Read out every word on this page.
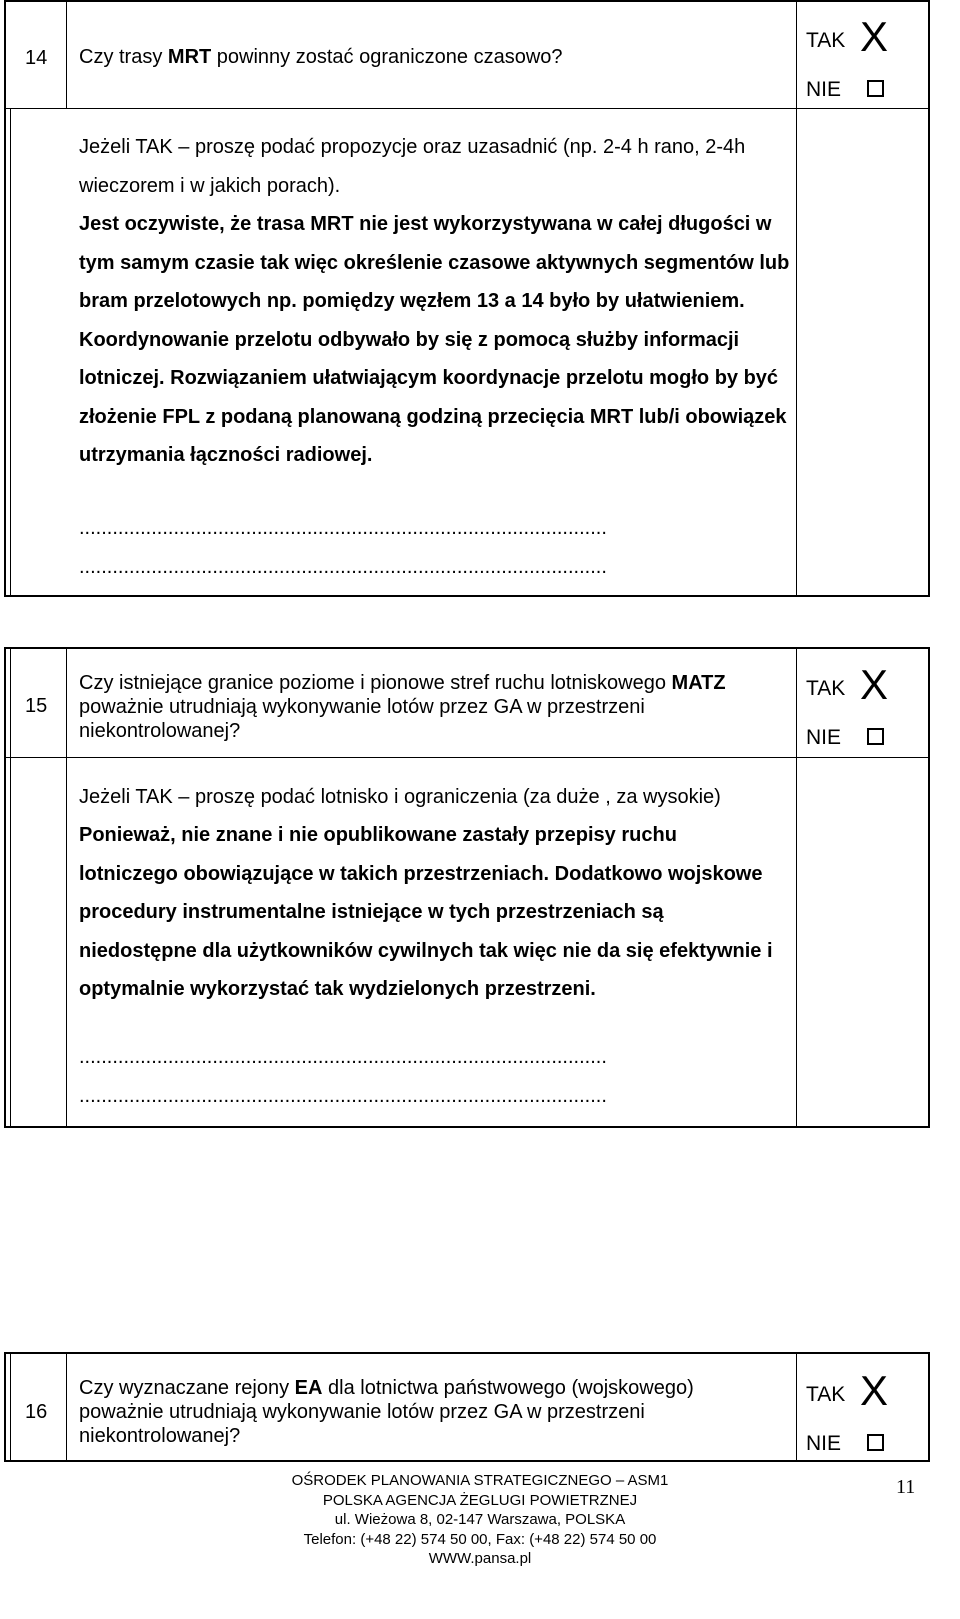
14 Czy trasy MRT powinny zostać ograniczone czasowo?
TAK X
NIE
Jeżeli TAK – proszę podać propozycje oraz uzasadnić (np. 2-4 h rano, 2-4h wieczorem i w jakich porach).
Jest oczywiste, że trasa MRT nie jest wykorzystywana w całej długości w tym samym czasie tak więc określenie czasowe aktywnych segmentów lub bram przelotowych np. pomiędzy węzłem 13 a 14 było by ułatwieniem. Koordynowanie przelotu odbywało by się z pomocą służby informacji lotniczej. Rozwiązaniem ułatwiającym koordynacje przelotu mogło by być złożenie FPL z podaną planowaną godziną przecięcia MRT lub/i obowiązek utrzymania łączności radiowej.
...............................................................................................
...............................................................................................
15
Czy istniejące granice poziome i pionowe stref ruchu lotniskowego MATZ poważnie utrudniają wykonywanie lotów przez GA w przestrzeni niekontrolowanej?
TAK X
NIE
Jeżeli TAK – proszę podać lotnisko i ograniczenia (za duże , za wysokie)
Ponieważ, nie znane i nie opublikowane zastały przepisy ruchu lotniczego obowiązujące w takich przestrzeniach. Dodatkowo wojskowe procedury instrumentalne istniejące w tych przestrzeniach są niedostępne dla użytkowników cywilnych tak więc nie da się efektywnie i optymalnie wykorzystać tak wydzielonych przestrzeni.
...............................................................................................
...............................................................................................
16
Czy wyznaczane rejony EA dla lotnictwa państwowego (wojskowego) poważnie utrudniają wykonywanie lotów przez GA w przestrzeni niekontrolowanej?
TAK X
NIE
OŚRODEK PLANOWANIA STRATEGICZNEGO – ASM1
POLSKA AGENCJA ŻEGLUGI POWIETRZNEJ
ul. Wieżowa 8, 02-147 Warszawa, POLSKA
Telefon: (+48 22) 574 50 00, Fax: (+48 22) 574 50 00
WWW.pansa.pl
11
